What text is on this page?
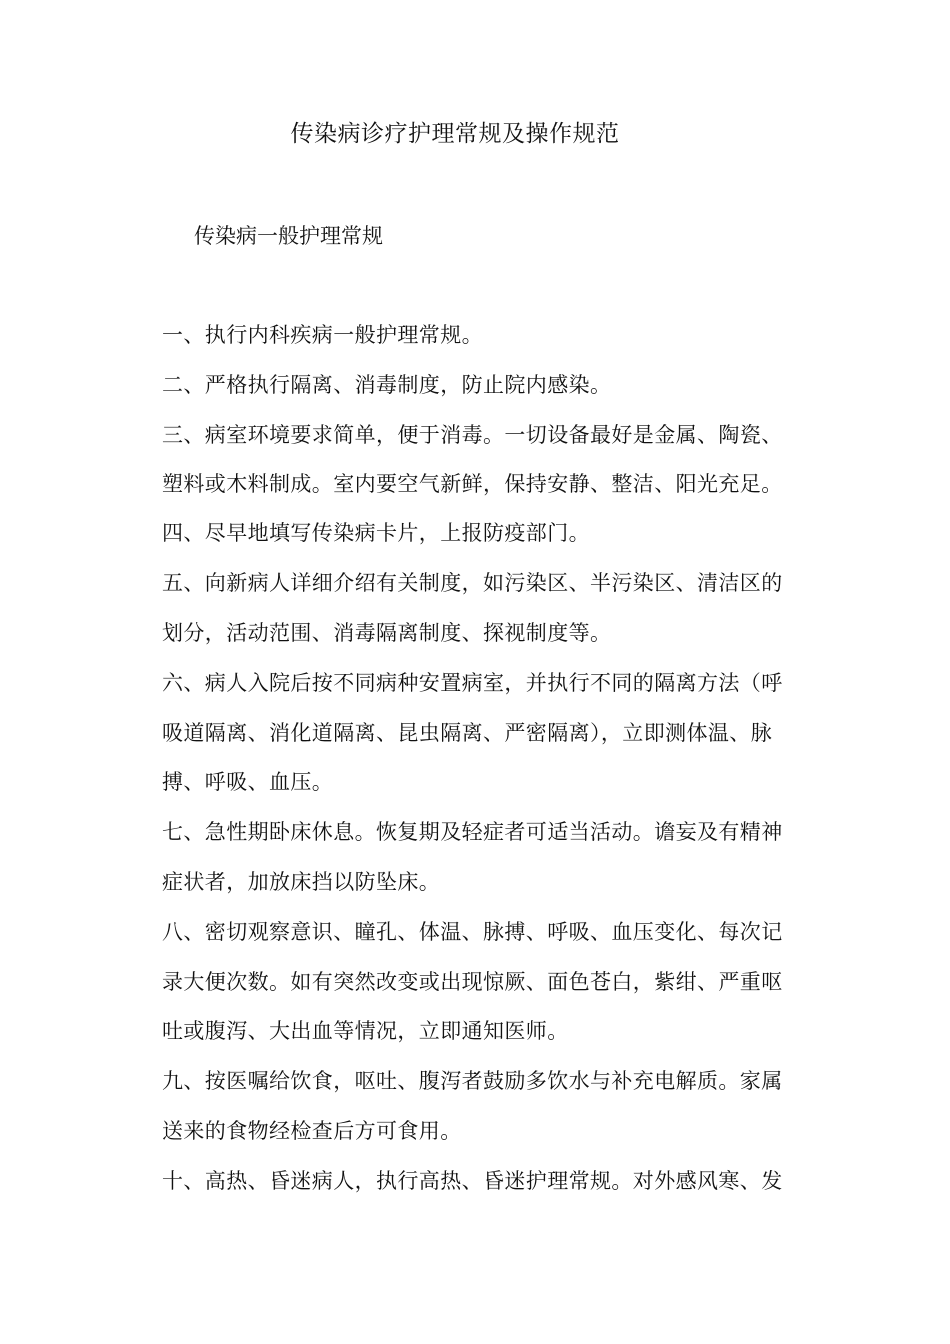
传染病诊疗护理常规及操作规范
传染病一般护理常规
一、执行内科疾病一般护理常规。
二、严格执行隔离、消毒制度，防止院内感染。
三、病室环境要求简单，便于消毒。一切设备最好是金属、陶瓷、
塑料或木料制成。室内要空气新鲜，保持安静、整洁、阳光充足。
四、尽早地填写传染病卡片，上报防疫部门。
五、向新病人详细介绍有关制度，如污染区、半污染区、清洁区的
划分，活动范围、消毒隔离制度、探视制度等。
六、病人入院后按不同病种安置病室，并执行不同的隔离方法（呼
吸道隔离、消化道隔离、昆虫隔离、严密隔离），立即测体温、脉
搏、呼吸、血压。
七、急性期卧床休息。恢复期及轻症者可适当活动。谵妄及有精神
症状者，加放床挡以防坠床。
八、密切观察意识、瞳孔、体温、脉搏、呼吸、血压变化、每次记
录大便次数。如有突然改变或出现惊厥、面色苍白，紫绀、严重呕
吐或腹泻、大出血等情况，立即通知医师。
九、按医嘱给饮食，呕吐、腹泻者鼓励多饮水与补充电解质。家属
送来的食物经检查后方可食用。
十、高热、昏迷病人，执行高热、昏迷护理常规。对外感风寒、发
